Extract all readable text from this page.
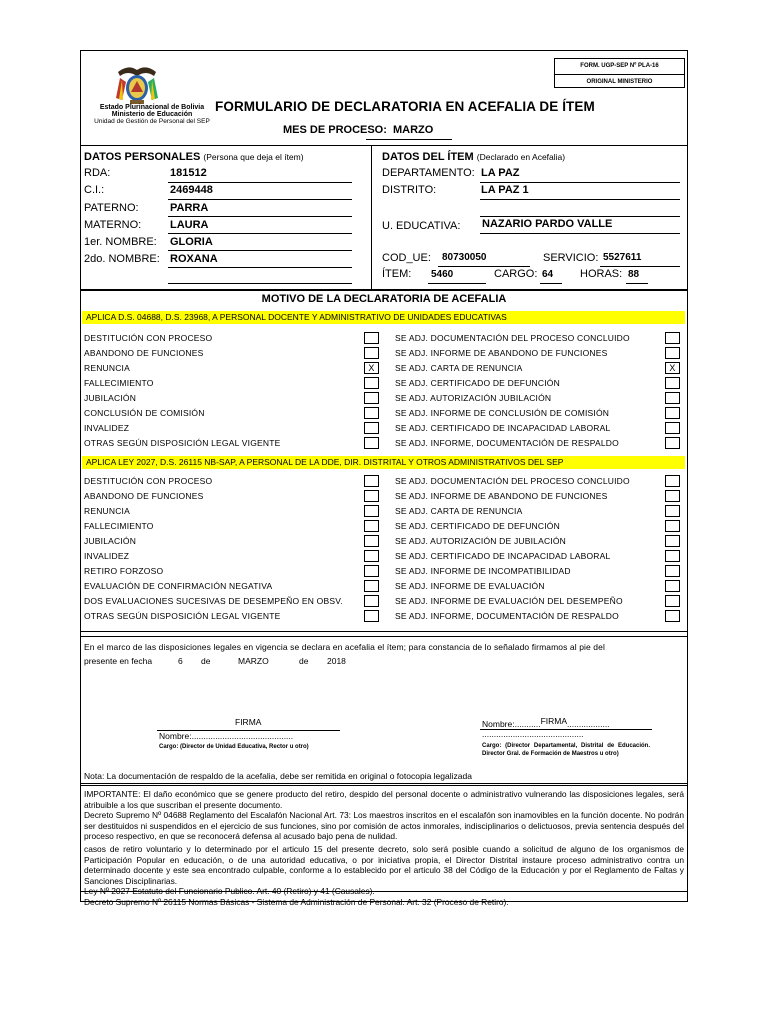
FORM. UGP-SEP Nº PLA-16
ORIGINAL MINISTERIO
Estado Plurinacional de Bolivia
Ministerio de Educación
Unidad de Gestión de Personal del SEP
FORMULARIO DE DECLARATORIA EN ACEFALIA DE ÍTEM
MES DE PROCESO: MARZO
DATOS PERSONALES (Persona que deja el ítem)
RDA:	181512
C.I.:	2469448
PATERNO:	PARRA
MATERNO:	LAURA
1er. NOMBRE: GLORIA
2do. NOMBRE: ROXANA
DATOS DEL ÍTEM (Declarado en Acefalia)
DEPARTAMENTO: LA PAZ
DISTRITO:	LA PAZ 1
U. EDUCATIVA: NAZARIO PARDO VALLE
COD_UE: 80730050	SERVICIO: 5527611
ÍTEM: 5460	CARGO: 64 HORAS: 88
MOTIVO DE LA DECLARATORIA DE ACEFALIA
APLICA D.S. 04688, D.S. 23968, A PERSONAL DOCENTE Y ADMINISTRATIVO DE UNIDADES EDUCATIVAS
DESTITUCIÓN CON PROCESO	SE ADJ. DOCUMENTACIÓN DEL PROCESO CONCLUIDO
ABANDONO DE FUNCIONES	SE ADJ. INFORME DE ABANDONO DE FUNCIONES
RENUNCIA	X	SE ADJ. CARTA DE RENUNCIA	X
FALLECIMIENTO	SE ADJ. CERTIFICADO DE DEFUNCIÓN
JUBILACIÓN	SE ADJ. AUTORIZACIÓN JUBILACIÓN
CONCLUSIÓN DE COMISIÓN	SE ADJ. INFORME DE CONCLUSIÓN DE COMISIÓN
INVALIDEZ	SE ADJ. CERTIFICADO DE INCAPACIDAD LABORAL
OTRAS SEGÚN DISPOSICIÓN LEGAL VIGENTE	SE ADJ. INFORME, DOCUMENTACIÓN DE RESPALDO
APLICA LEY 2027, D.S. 26115 NB-SAP, A PERSONAL DE LA DDE, DIR. DISTRITAL Y OTROS ADMINISTRATIVOS DEL SEP
DESTITUCIÓN CON PROCESO	SE ADJ. DOCUMENTACIÓN DEL PROCESO CONCLUIDO
ABANDONO DE FUNCIONES	SE ADJ. INFORME DE ABANDONO DE FUNCIONES
RENUNCIA	SE ADJ. CARTA DE RENUNCIA
FALLECIMIENTO	SE ADJ. CERTIFICADO DE DEFUNCIÓN
JUBILACIÓN	SE ADJ. AUTORIZACIÓN DE JUBILACIÓN
INVALIDEZ	SE ADJ. CERTIFICADO DE INCAPACIDAD LABORAL
RETIRO FORZOSO	SE ADJ. INFORME DE INCOMPATIBILIDAD
EVALUACIÓN DE CONFIRMACIÓN NEGATIVA	SE ADJ. INFORME DE EVALUACIÓN
DOS EVALUACIONES SUCESIVAS DE DESEMPEÑO EN OBSV.	SE ADJ. INFORME DE EVALUACIÓN DEL DESEMPEÑO
OTRAS SEGÚN DISPOSICIÓN LEGAL VIGENTE	SE ADJ. INFORME, DOCUMENTACIÓN DE RESPALDO
En el marco de las disposiciones legales en vigencia se declara en acefalia el ítem; para constancia de lo señalado firmamos al pie del
presente en fecha	6 de	MARZO	de 2018
FIRMA
Nombre:...........................................
Cargo: (Director de Unidad Educativa, Rector u otro)
Nombre:...........FIRMA..................
...........................................
Cargo: (Director Departamental, Distrital de Educación. Director Gral. de Formación de Maestros u otro)
Nota: La documentación de respaldo de la acefalia, debe ser remitida en original o fotocopia legalizada
IMPORTANTE: El daño económico que se genere producto del retiro, despido del personal docente o administrativo vulnerando las disposiciones legales, será atribuible a los que suscriban el presente documento.
Decreto Supremo Nº 04688 Reglamento del Escalafón Nacional Art. 73: Los maestros inscritos en el escalafón son inamovibles en la función docente. No podrán ser destituidos ni suspendidos en el ejercicio de sus funciones, sino por comisión de actos inmorales, indisciplinarios o delictuosos, previa sentencia después del proceso respectivo, en que se reconocerá defensa al acusado bajo pena de nulidad.
casos de retiro voluntario y lo determinado por el articulo 15 del presente decreto, solo será posible cuando a solicitud de alguno de los organismos de Participación Popular en educación, o de una autoridad educativa, o por iniciativa propia, el Director Distrital instaure proceso administrativo contra un determinado docente y este sea encontrado culpable, conforme a lo establecido por el articulo 38 del Código de la Educación y por el Reglamento de Faltas y Sanciones Disciplinarias.
Ley Nº 2027 Estatuto del Funcionario Publico. Art. 40 (Retiro) y 41 (Causales).
Decreto Supremo Nº 26115 Normas Básicas - Sistema de Administración de Personal. Art. 32 (Proceso de Retiro).
